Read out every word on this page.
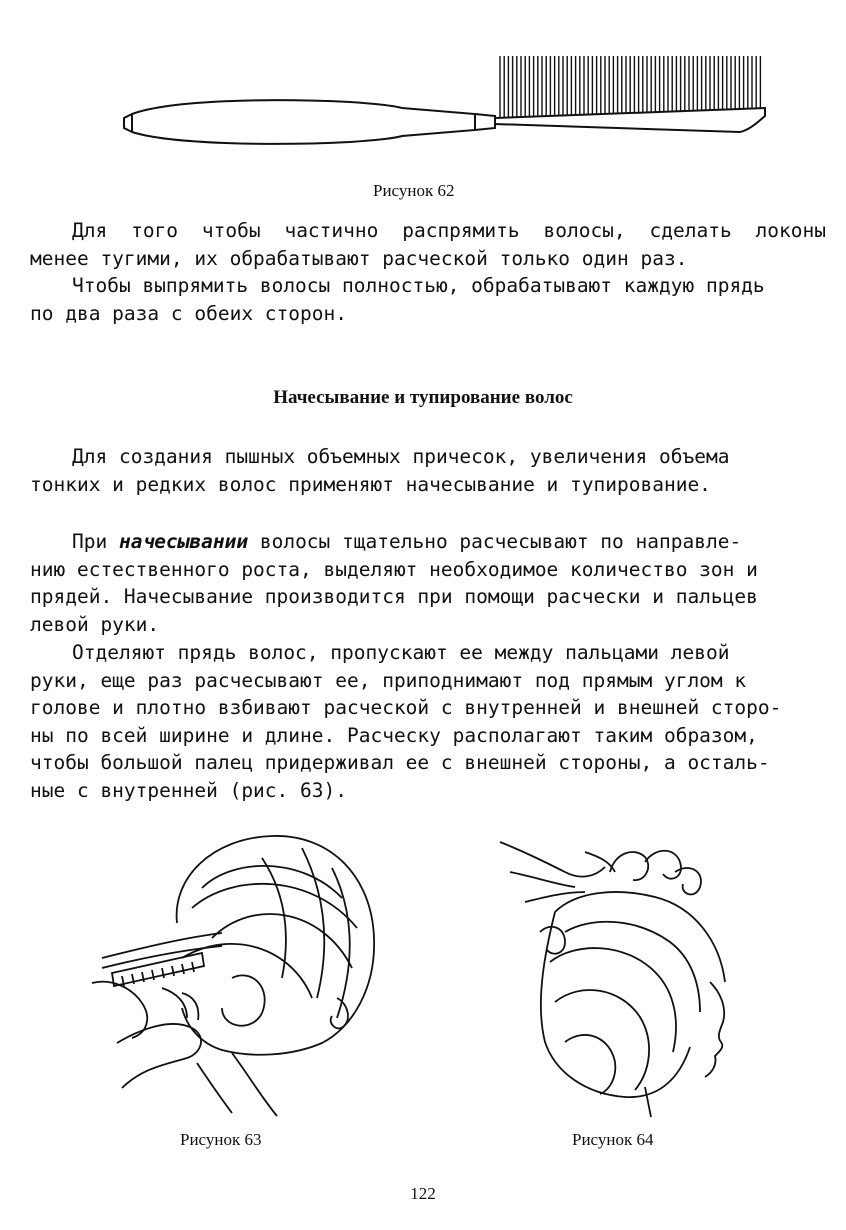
Рисунок 62
Для того чтобы частично распрямить волосы, сделать локоны
менее тугими, их обрабатывают расческой только один раз.
Чтобы выпрямить волосы полностью, обрабатывают каждую прядь
по два раза с обеих сторон.
Начесывание и тупирование волос
Для создания пышных объемных причесок, увеличения объема
тонких и редких волос применяют начесывание и тупирование.
При начесывании волосы тщательно расчесывают по направле-
нию естественного роста, выделяют необходимое количество зон и
прядей. Начесывание производится при помощи расчески и пальцев
левой руки.
Отделяют прядь волос, пропускают ее между пальцами левой
руки, еще раз расчесывают ее, приподнимают под прямым углом к
голове и плотно взбивают расческой с внутренней и внешней сторо-
ны по всей ширине и длине. Расческу располагают таким образом,
чтобы большой палец придерживал ее с внешней стороны, а осталь-
ные с внутренней (рис. 63).
Рисунок 63	Рисунок 64
122
